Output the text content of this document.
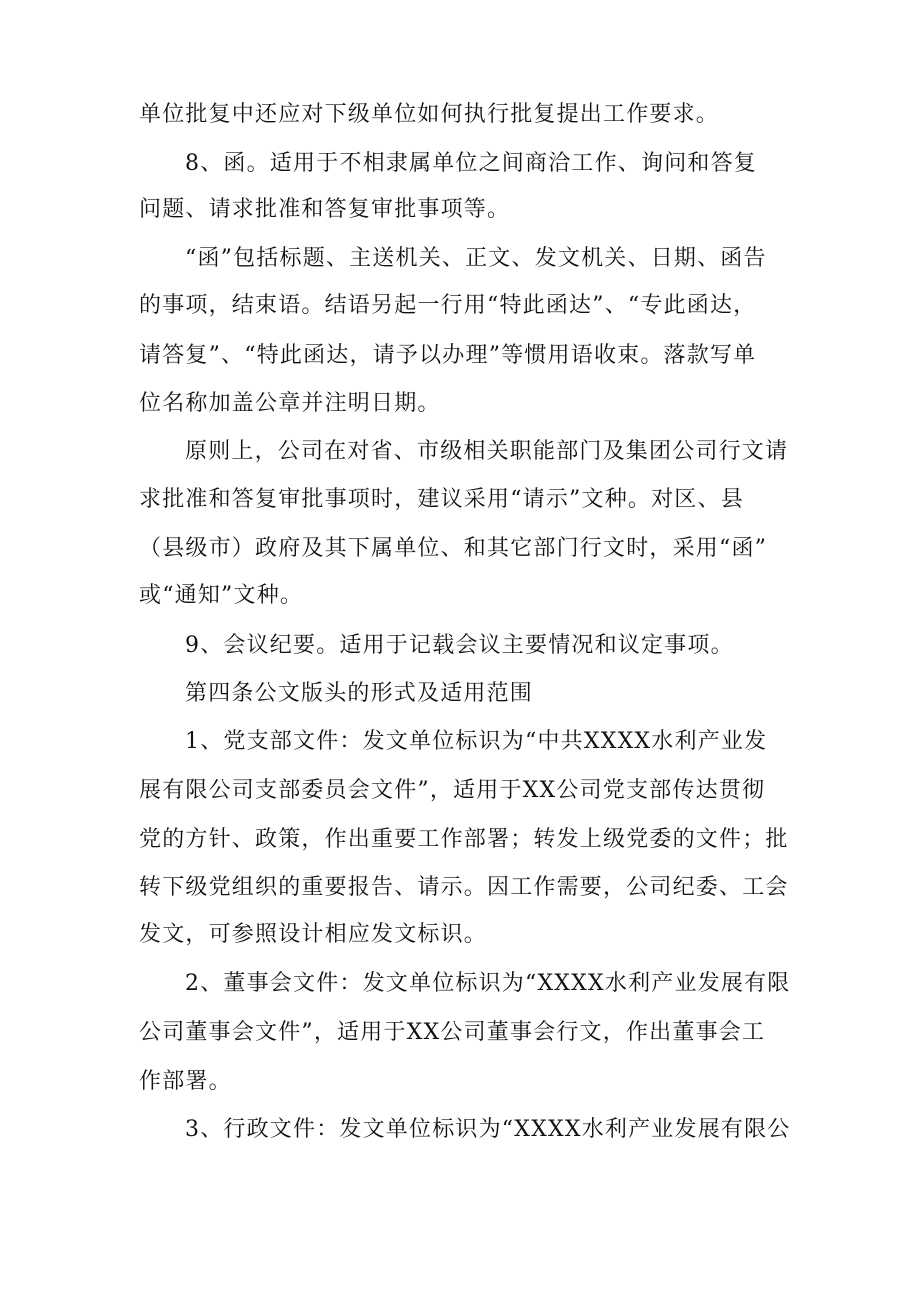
单位批复中还应对下级单位如何执行批复提出工作要求。
8、函。适用于不相隶属单位之间商洽工作、询问和答复
问题、请求批准和答复审批事项等。
“函”包括标题、主送机关、正文、发文机关、日期、函告
的事项，结束语。结语另起一行用“特此函达”、“专此函达，
请答复”、“特此函达，请予以办理”等惯用语收束。落款写单
位名称加盖公章并注明日期。
原则上，公司在对省、市级相关职能部门及集团公司行文请
求批准和答复审批事项时，建议采用“请示”文种。对区、县
（县级市）政府及其下属单位、和其它部门行文时，采用“函”
或“通知”文种。
9、会议纪要。适用于记载会议主要情况和议定事项。
第四条公文版头的形式及适用范围
1、党支部文件：发文单位标识为“中共XXXX水利产业发
展有限公司支部委员会文件”，适用于XX公司党支部传达贯彻
党的方针、政策，作出重要工作部署；转发上级党委的文件；批
转下级党组织的重要报告、请示。因工作需要，公司纪委、工会
发文，可参照设计相应发文标识。
2、董事会文件：发文单位标识为“XXXX水利产业发展有限
公司董事会文件”，适用于XX公司董事会行文，作出董事会工
作部署。
3、行政文件：发文单位标识为“XXXX水利产业发展有限公
